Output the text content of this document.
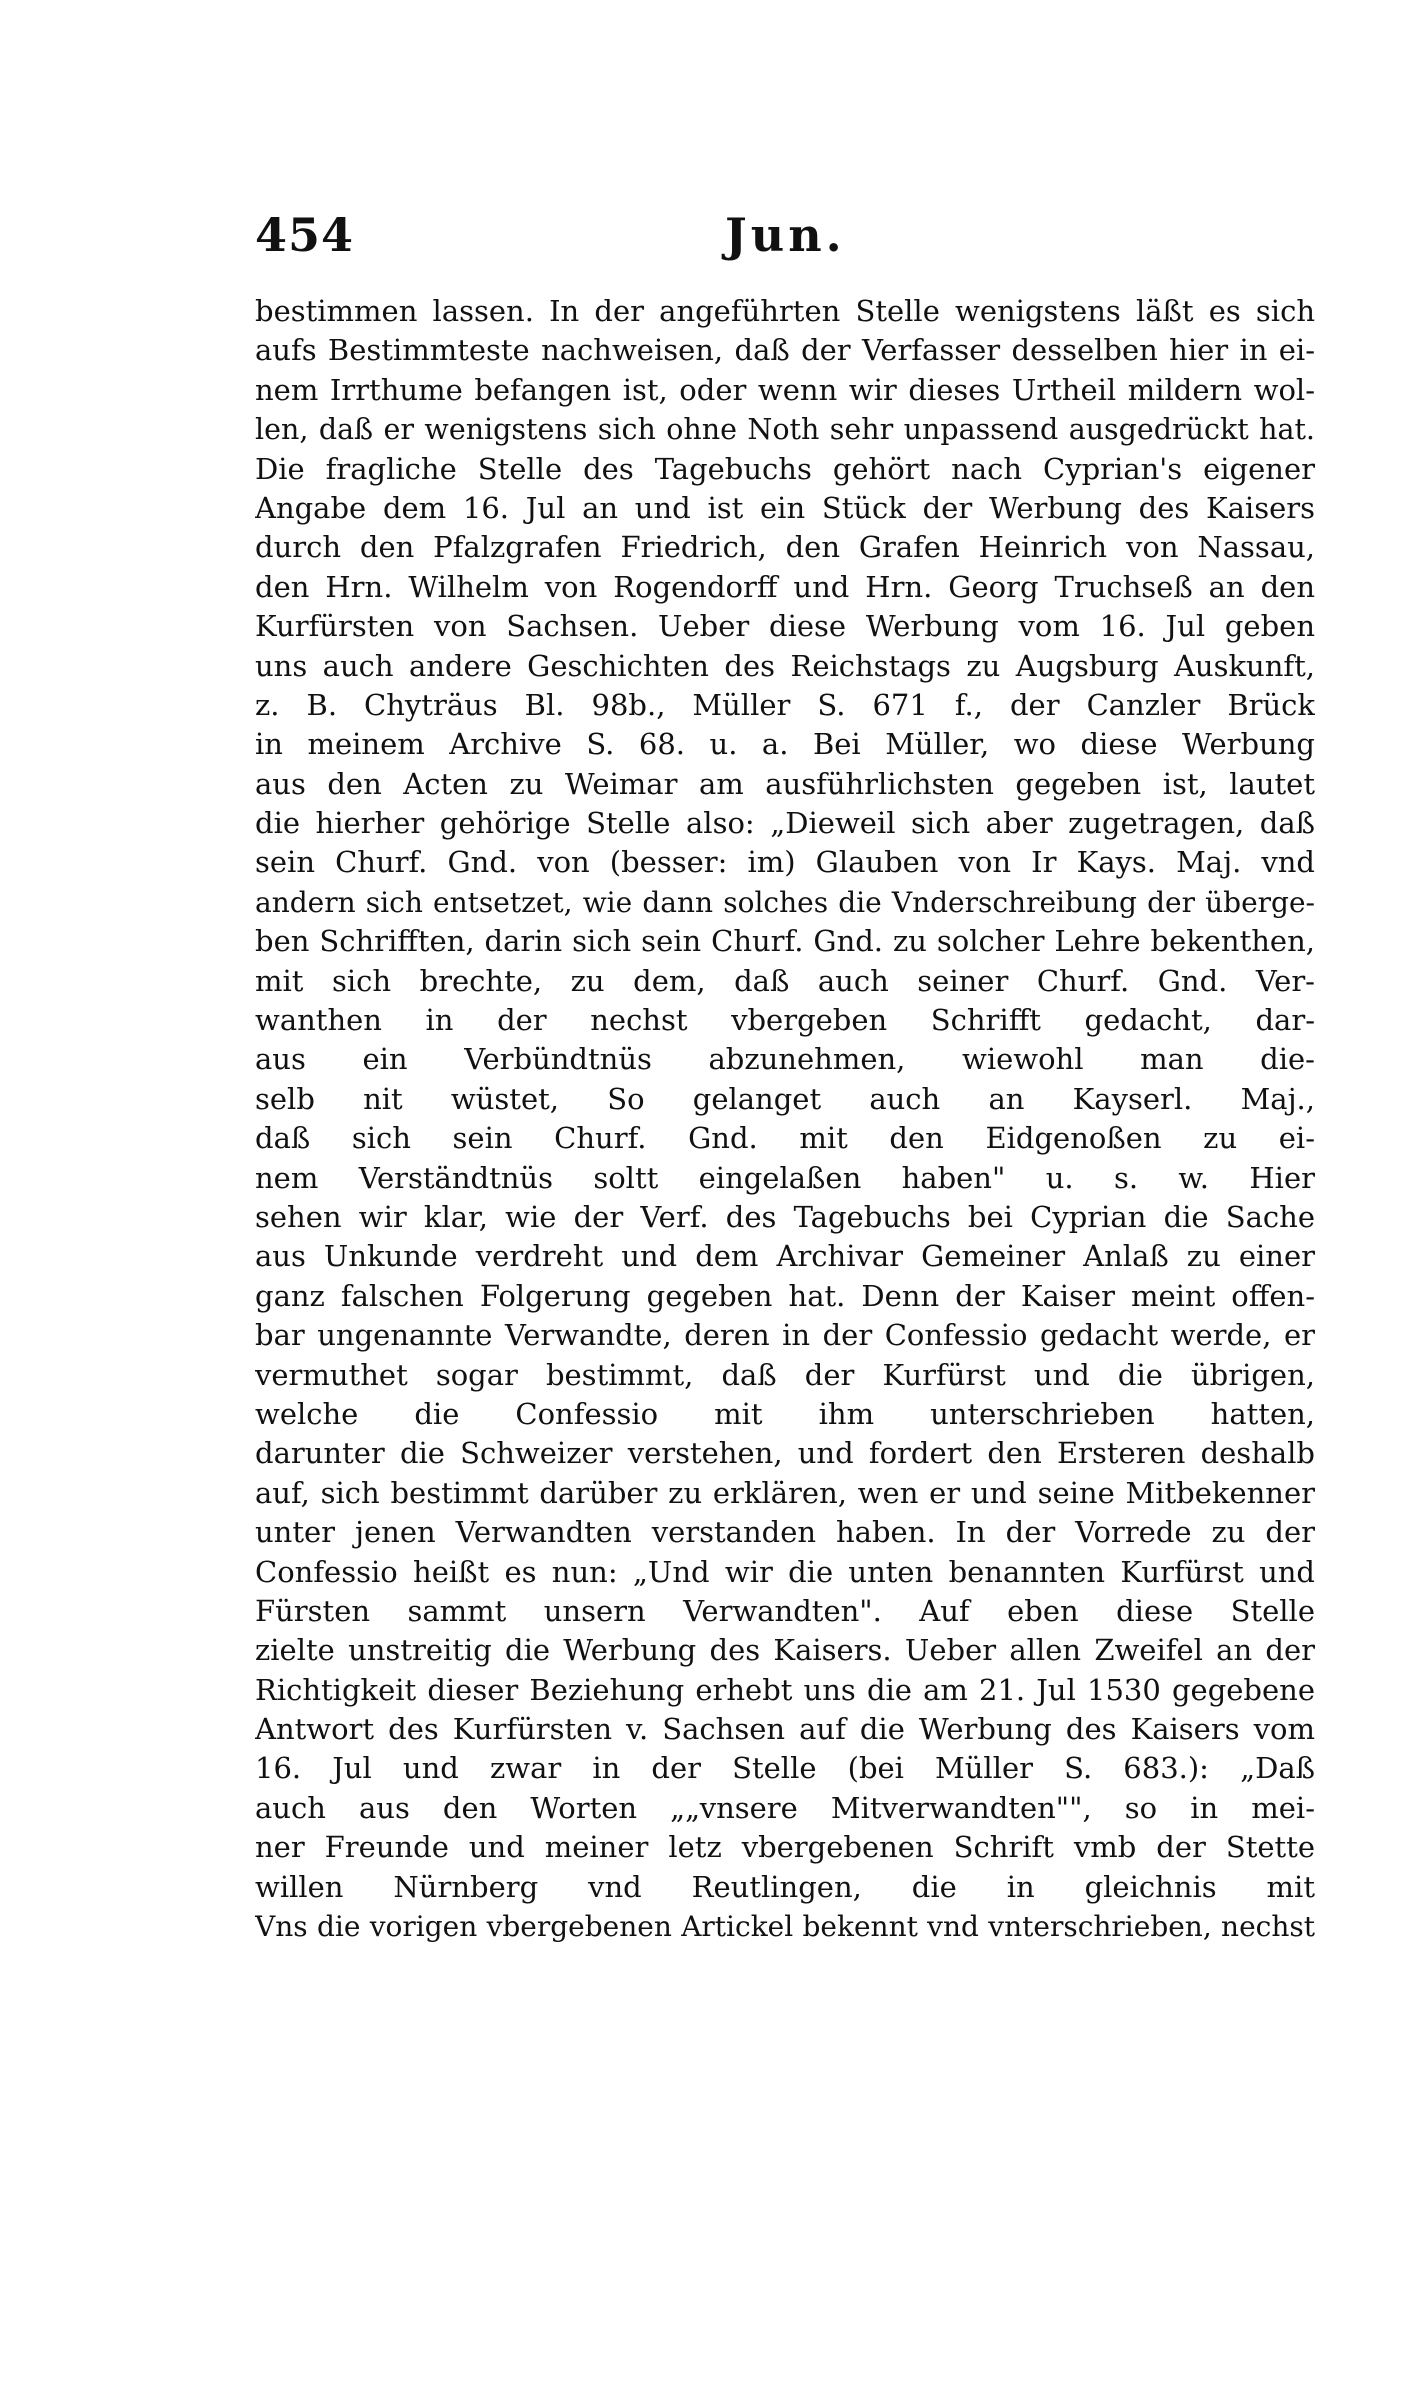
454	Jun.
bestimmen lassen. In der angeführten Stelle wenigstens läßt es sich
aufs Bestimmteste nachweisen, daß der Verfasser desselben hier in ei-
nem Irrthume befangen ist, oder wenn wir dieses Urtheil mildern wol-
len, daß er wenigstens sich ohne Noth sehr unpassend ausgedrückt hat.
Die fragliche Stelle des Tagebuchs gehört nach Cyprian's eigener
Angabe dem 16. Jul an und ist ein Stück der Werbung des Kaisers
durch den Pfalzgrafen Friedrich, den Grafen Heinrich von Nassau,
den Hrn. Wilhelm von Rogendorff und Hrn. Georg Truchseß an den
Kurfürsten von Sachsen. Ueber diese Werbung vom 16. Jul geben
uns auch andere Geschichten des Reichstags zu Augsburg Auskunft,
z. B. Chyträus Bl. 98b., Müller S. 671 f., der Canzler Brück
in meinem Archive S. 68. u. a. Bei Müller, wo diese Werbung
aus den Acten zu Weimar am ausführlichsten gegeben ist, lautet
die hierher gehörige Stelle also: „Dieweil sich aber zugetragen, daß
sein Churf. Gnd. von (besser: im) Glauben von Ir Kays. Maj. vnd
andern sich entsetzet, wie dann solches die Vnderschreibung der überge-
ben Schrifften, darin sich sein Churf. Gnd. zu solcher Lehre bekenthen,
mit sich brechte, zu dem, daß auch seiner Churf. Gnd. Ver-
wanthen in der nechst vbergeben Schrifft gedacht, dar-
aus ein Verbündtnüs abzunehmen, wiewohl man die-
selb nit wüstet, So gelanget auch an Kayserl. Maj.,
daß sich sein Churf. Gnd. mit den Eidgenoßen zu ei-
nem Verständtnüs soltt eingelaßen haben" u. s. w. Hier
sehen wir klar, wie der Verf. des Tagebuchs bei Cyprian die Sache
aus Unkunde verdreht und dem Archivar Gemeiner Anlaß zu einer
ganz falschen Folgerung gegeben hat. Denn der Kaiser meint offen-
bar ungenannte Verwandte, deren in der Confessio gedacht werde, er
vermuthet sogar bestimmt, daß der Kurfürst und die übrigen,
welche die Confessio mit ihm unterschrieben hatten,
darunter die Schweizer verstehen, und fordert den Ersteren deshalb
auf, sich bestimmt darüber zu erklären, wen er und seine Mitbekenner
unter jenen Verwandten verstanden haben. In der Vorrede zu der
Confessio heißt es nun: „Und wir die unten benannten Kurfürst und
Fürsten sammt unsern Verwandten". Auf eben diese Stelle
zielte unstreitig die Werbung des Kaisers. Ueber allen Zweifel an der
Richtigkeit dieser Beziehung erhebt uns die am 21. Jul 1530 gegebene
Antwort des Kurfürsten v. Sachsen auf die Werbung des Kaisers vom
16. Jul und zwar in der Stelle (bei Müller S. 683.): „Daß
auch aus den Worten „„vnsere Mitverwandten"", so in mei-
ner Freunde und meiner letz vbergebenen Schrift vmb der Stette
willen Nürnberg vnd Reutlingen, die in gleichnis mit
Vns die vorigen vbergebenen Artickel bekennt vnd vnterschrieben, nechst
